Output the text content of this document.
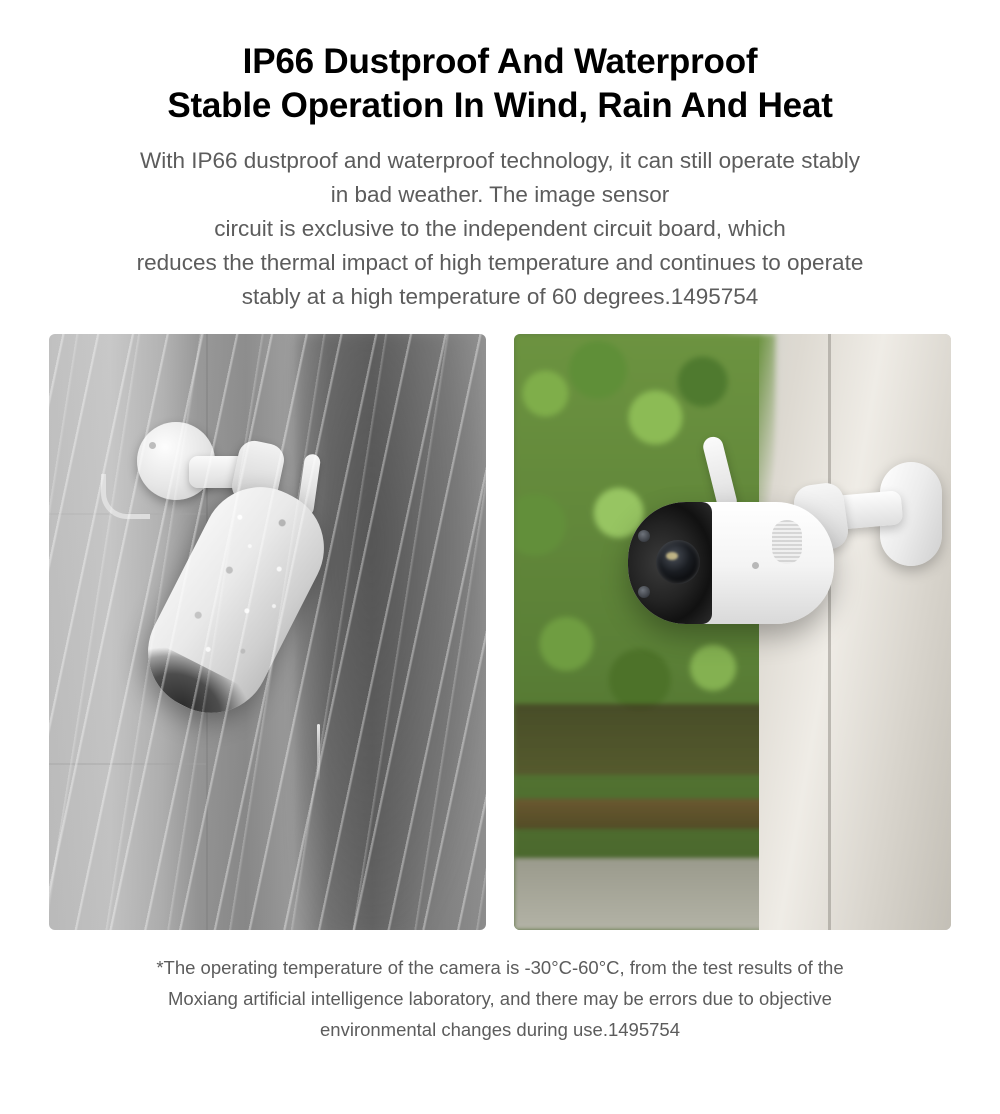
IP66 Dustproof And Waterproof
Stable Operation In Wind, Rain And Heat

With IP66 dustproof and waterproof technology, it can still operate stably
in bad weather. The image sensor
circuit is exclusive to the independent circuit board, which
reduces the thermal impact of high temperature and continues to operate
stably at a high temperature of 60 degrees.1495754

*The operating temperature of the camera is -30°C-60°C, from the test results of the
Moxiang artificial intelligence laboratory, and there may be errors due to objective
environmental changes during use.1495754
